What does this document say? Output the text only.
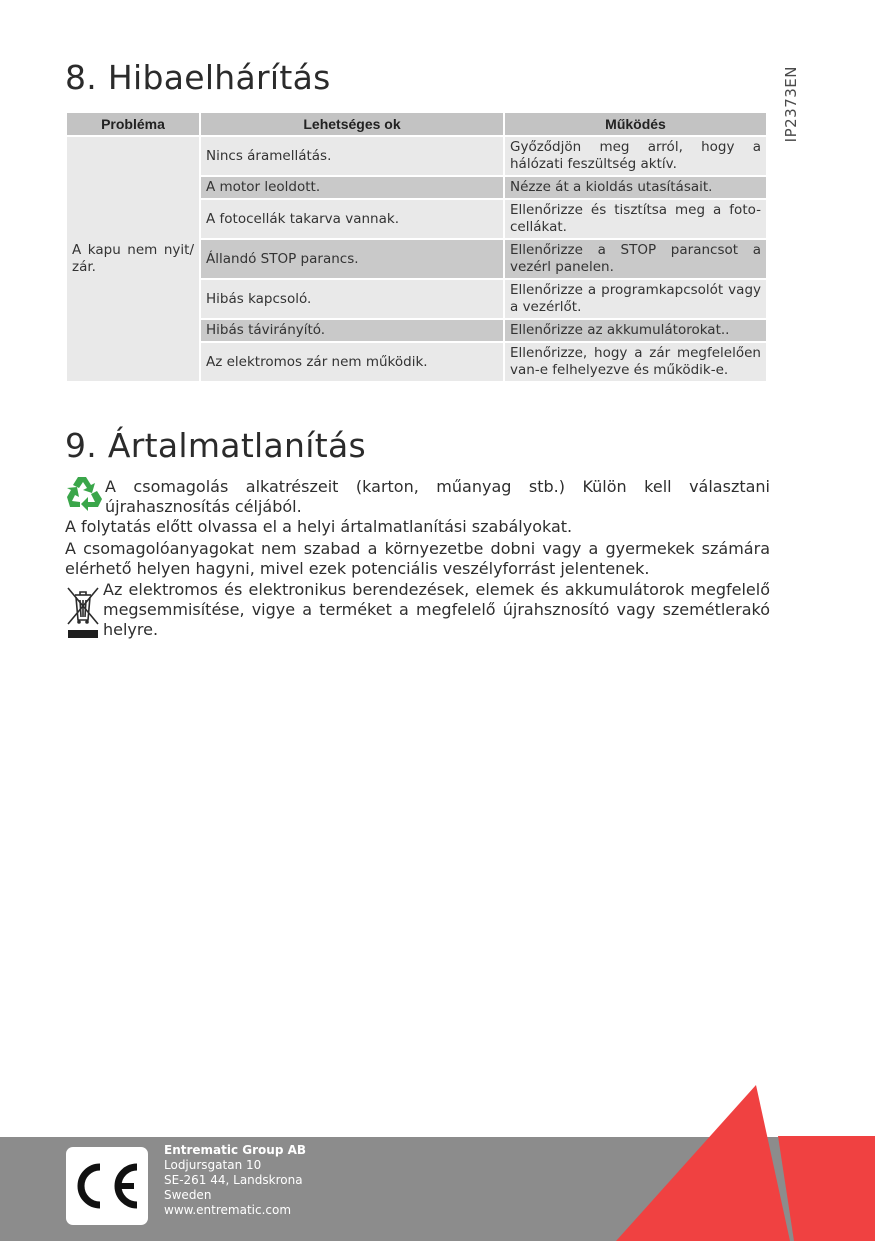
IP2373EN
8. Hibaelhárítás
Probléma	Lehetséges ok	Működés
A kapu nem nyit/ zár.	Nincs áramellátás.	Győződjön meg arról, hogy a hálózati feszültség aktív.
	A motor leoldott.	Nézze át a kioldás utasításait.
	A fotocellák takarva vannak.	Ellenőrizze és tisztítsa meg a foto-cellákat.
	Állandó STOP parancs.	Ellenőrizze a STOP parancsot a vezérl panelen.
	Hibás kapcsoló.	Ellenőrizze a programkapcsolót vagy a vezérlőt.
	Hibás távirányító.	Ellenőrizze az akkumulátorokat..
	Az elektromos zár nem működik.	Ellenőrizze, hogy a zár megfelelően van-e felhelyezve és működik-e.
9. Ártalmatlanítás

A csomagolás alkatrészeit (karton, műanyag stb.) Külön kell választani újrahasznosítás céljából.

A folytatás előtt olvassa el a helyi ártalmatlanítási szabályokat.

A csomagolóanyagokat nem szabad a környezetbe dobni vagy a gyermekek számára elérhető helyen hagyni, mivel ezek potenciális veszélyforrást jelentenek.

Az elektromos és elektronikus berendezések, elemek és akkumulátorok megfelelő megsemmisítése, vigye a terméket a megfelelő újrahsznosító vagy szemétlerakó helyre.

CE	Entrematic Group AB
Lodjursgatan 10
SE-261 44, Landskrona
Sweden
www.entrematic.com
